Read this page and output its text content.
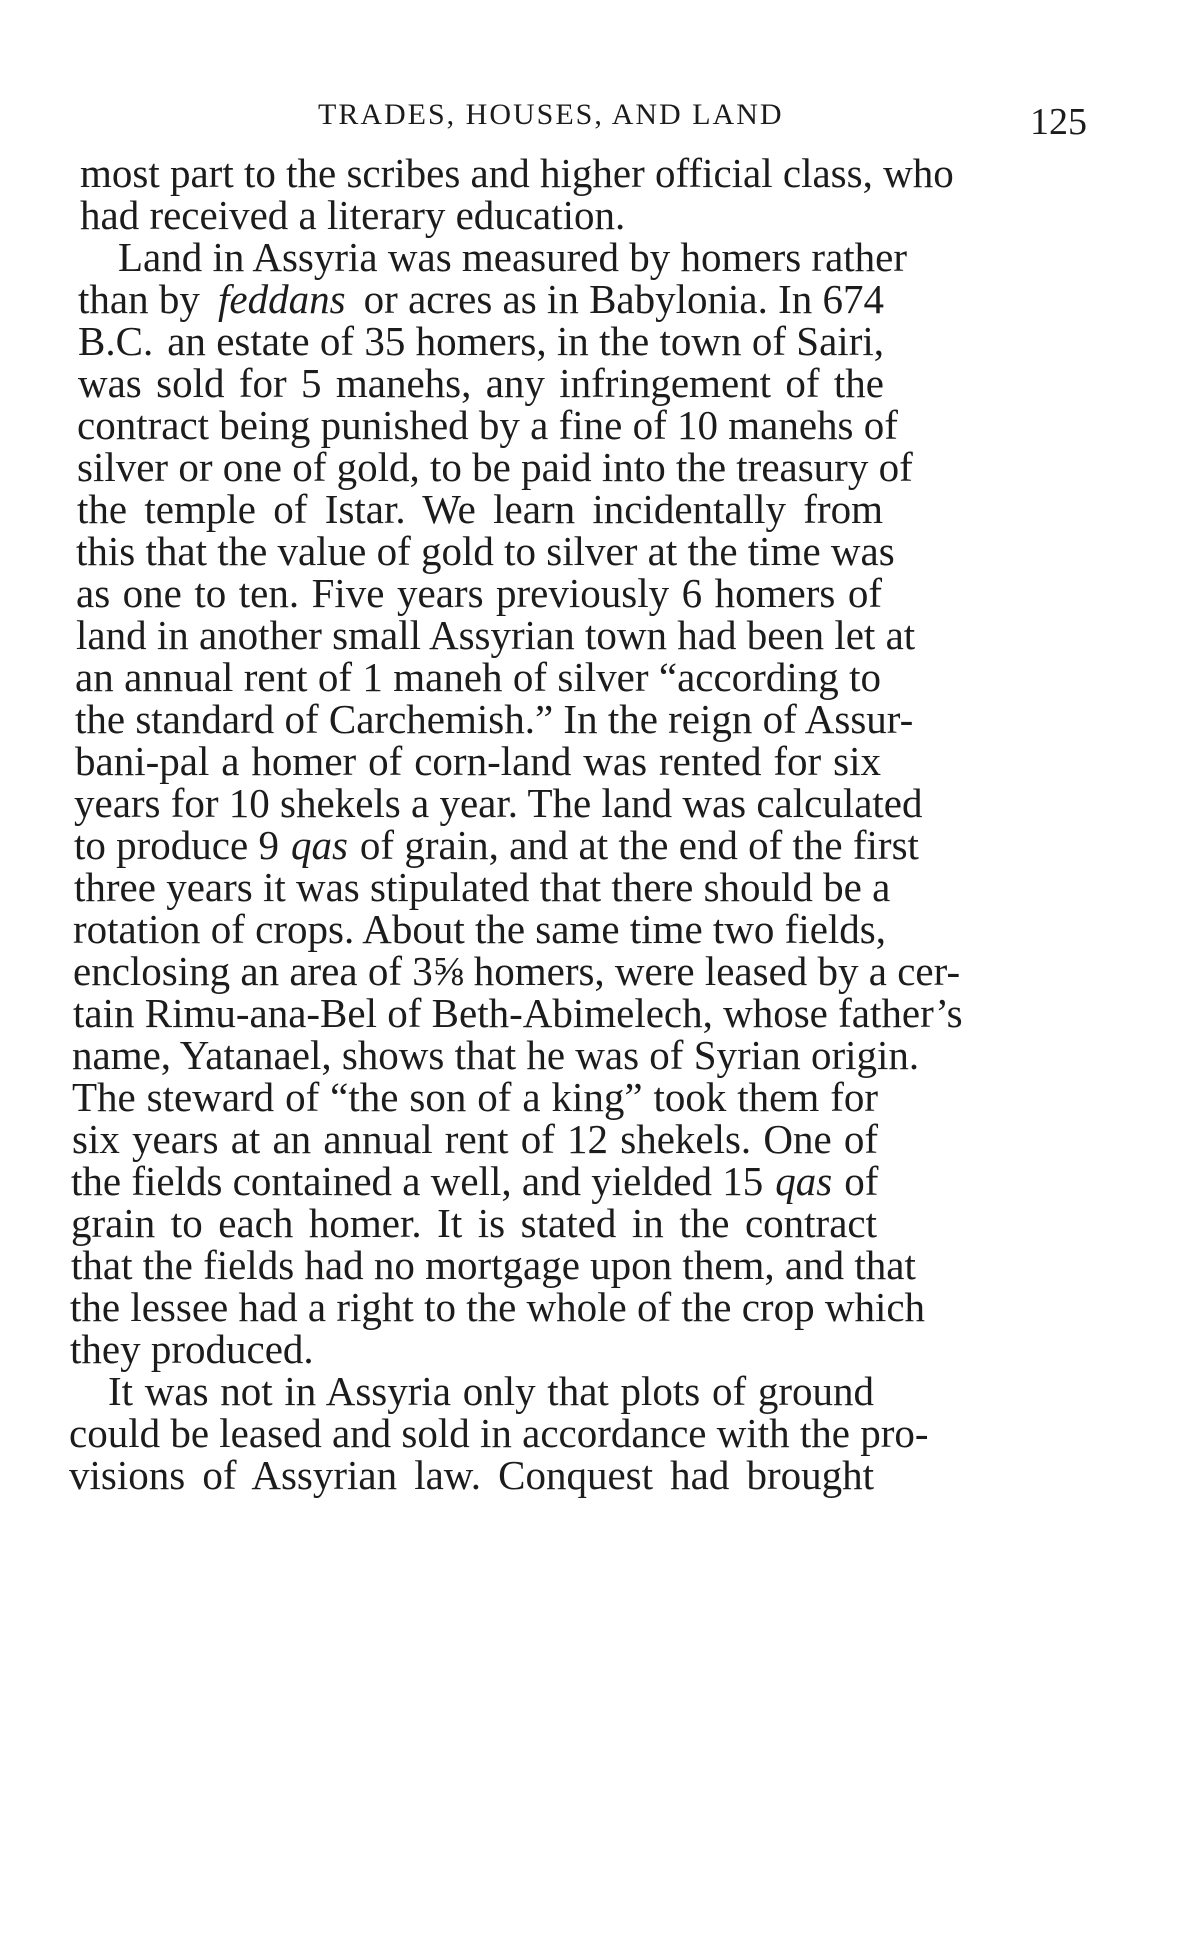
TRADES, HOUSES, AND LAND	125
most part to the scribes and higher official class, who
had received a literary education.
Land in Assyria was measured by homers rather
than by feddans or acres as in Babylonia. In 674
B.C. an estate of 35 homers, in the town of Sairi,
was sold for 5 manehs, any infringement of the
contract being punished by a fine of 10 manehs of
silver or one of gold, to be paid into the treasury of
the temple of Istar. We learn incidentally from
this that the value of gold to silver at the time was
as one to ten. Five years previously 6 homers of
land in another small Assyrian town had been let at
an annual rent of 1 maneh of silver “according to
the standard of Carchemish.” In the reign of Assur-
bani-pal a homer of corn-land was rented for six
years for 10 shekels a year. The land was calculated
to produce 9 qas of grain, and at the end of the first
three years it was stipulated that there should be a
rotation of crops. About the same time two fields,
enclosing an area of 3⅝ homers, were leased by a cer-
tain Rimu-ana-Bel of Beth-Abimelech, whose father’s
name, Yatanael, shows that he was of Syrian origin.
The steward of “the son of a king” took them for
six years at an annual rent of 12 shekels. One of
the fields contained a well, and yielded 15 qas of
grain to each homer. It is stated in the contract
that the fields had no mortgage upon them, and that
the lessee had a right to the whole of the crop which
they produced.
It was not in Assyria only that plots of ground
could be leased and sold in accordance with the pro-
visions of Assyrian law. Conquest had brought
